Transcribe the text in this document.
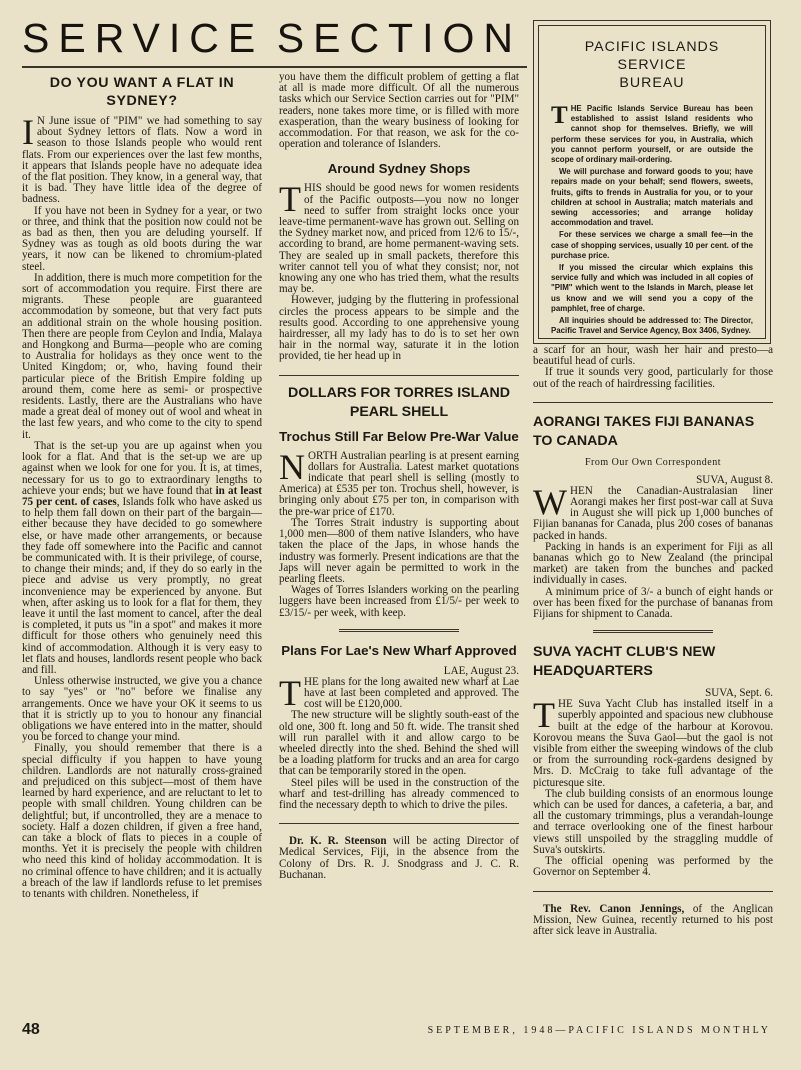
SERVICE SECTION	PACIFIC ISLANDS SERVICE
BUREAU

THE Pacific Islands Service Bureau has been established to assist Island residents who cannot shop for themselves. Briefly, we will perform these services for you, in Australia, which you cannot perform yourself, or are outside the scope of ordinary mail-ordering.

We will purchase and forward goods to you; have repairs made on your behalf; send flowers, sweets, fruits, gifts to frends in Australia for you, or to your children at school in Australia; match materials and sewing accessories; and arrange holiday accommodation and travel.

For these services we charge a small fee—in the case of shopping services, usually 10 per cent. of the purchase price.

If you missed the circular which explains this service fully and which was included in all copies of "PIM" which went to the Islands in March, please let us know and we will send you a copy of the pamphlet, free of charge.

All inquiries should be addressed to: The Director, Pacific Travel and Service Agency, Box 3406, Sydney.

DO YOU WANT A FLAT IN SYDNEY?

I N June issue of "PIM" we had something to say about Sydney lettors of flats. Now a word in season to those Islands people who would rent flats. From our experiences over the last few months, it appears that Islands people have no adequate idea of the flat position. They know, in a general way, that it is bad. They have little idea of the degree of badness.

If you have not been in Sydney for a year, or two or three, and think that the position now could not be as bad as then, then you are deluding yourself. If Sydney was as tough as old boots during the war years, it now can be likened to chromium-plated steel.

In addition, there is much more competition for the sort of accommodation you require. First there are migrants. These people are guaranteed accommodation by someone, but that very fact puts an additional strain on the whole housing position. Then there are people from Ceylon and India, Malaya and Hongkong and Burma—people who are coming to Australia for holidays as they once went to the United Kingdom; or, who, having found their particular piece of the British Empire folding up around them, come here as semi- or prospective residents. Lastly, there are the Australians who have made a great deal of money out of wool and wheat in the last few years, and who come to the city to spend it.

That is the set-up you are up against when you look for a flat. And that is the set-up we are up against when we look for one for you. It is, at times, necessary for us to go to extraordinary lengths to achieve your ends; but we have found that in at least 75 per cent. of cases, Islands folk who have asked us to help them fall down on their part of the bargain—either because they have decided to go somewhere else, or have made other arrangements, or because they fade off somewhere into the Pacific and cannot be communicated with. It is their privilege, of course, to change their minds; and, if they do so early in the piece and advise us very promptly, no great inconvenience may be experienced by anyone. But when, after asking us to look for a flat for them, they leave it until the last moment to cancel, after the deal is completed, it puts us "in a spot" and makes it more difficult for those others who genuinely need this kind of accommodation. Although it is very easy to let flats and houses, landlords resent people who back and fill.

Unless otherwise instructed, we give you a chance to say "yes" or "no" before we finalise any arrangements. Once we have your OK it seems to us that it is strictly up to you to honour any financial obligations we have entered into in the matter, should you be forced to change your mind.

Finally, you should remember that there is a special difficulty if you happen to have young children. Landlords are not naturally cross-grained and prejudiced on this subject—most of them have learned by hard experience, and are reluctant to let to people with small children. Young children can be delightful; but, if uncontrolled, they are a menace to society. Half a dozen children, if given a free hand, can take a block of flats to pieces in a couple of months. Yet it is precisely the people with children who need this kind of holiday accommodation. It is no criminal offence to have children; and it is actually a breach of the law if landlords refuse to let premises to tenants with children. Nonetheless, if

you have them the difficult problem of getting a flat at all is made more difficult. Of all the numerous tasks which our Service Section carries out for "PIM" readers, none takes more time, or is filled with more exasperation, than the weary business of looking for accommodation. For that reason, we ask for the co-operation and tolerance of Islanders.

Around Sydney Shops

THIS should be good news for women residents of the Pacific outposts—you now no longer need to suffer from straight locks once your leave-time permanent-wave has grown out. Selling on the Sydney market now, and priced from 12/6 to 15/-, according to brand, are home permanent-waving sets. They are sealed up in small packets, therefore this writer cannot tell you of what they consist; nor, not knowing any one who has tried them, what the results may be.

However, judging by the fluttering in professional circles the process appears to be simple and the results good. According to one apprehensive young hairdresser, all my lady has to do is to set her own hair in the normal way, saturate it in the lotion provided, tie her head up in

DOLLARS FOR TORRES ISLAND PEARL SHELL
Trochus Still Far Below Pre-War Value

NORTH Australian pearling is at present earning dollars for Australia. Latest market quotations indicate that pearl shell is selling (mostly to America) at £535 per ton. Trochus shell, however, is bringing only about £75 per ton, in comparison with the pre-war price of £170.

The Torres Strait industry is supporting about 1,000 men—800 of them native Islanders, who have taken the place of the Japs, in whose hands the industry was formerly. Present indications are that the Japs will never again be permitted to work in the pearling fleets.

Wages of Torres Islanders working on the pearling luggers have been increased from £1/5/- per week to £3/15/- per week, with keep.

Plans For Lae's New Wharf Approved

LAE, August 23.

THE plans for the long awaited new wharf at Lae have at last been completed and approved. The cost will be £120,000.

The new structure will be slightly south-east of the old one, 300 ft. long and 50 ft. wide. The transit shed will run parallel with it and allow cargo to be wheeled directly into the shed. Behind the shed will be a loading platform for trucks and an area for cargo that can be temporarily stored in the open.

Steel piles will be used in the construction of the wharf and test-drilling has already commenced to find the necessary depth to which to drive the piles.

Dr. K. R. Steenson will be acting Director of Medical Services, Fiji, in the absence from the Colony of Drs. R. J. Snodgrass and J. C. R. Buchanan.

a scarf for an hour, wash her hair and presto—a beautiful head of curls.

If true it sounds very good, particularly for those out of the reach of hairdressing facilities.

AORANGI TAKES FIJI BANANAS TO CANADA

From Our Own Correspondent

SUVA, August 8.

WHEN the Canadian-Australasian liner Aorangi makes her first post-war call at Suva in August she will pick up 1,000 bunches of Fijian bananas for Canada, plus 200 coses of bananas packed in hands.

Packing in hands is an experiment for Fiji as all bananas which go to New Zealand (the principal market) are taken from the bunches and packed individually in cases.

A minimum price of 3/- a bunch of eight hands or over has been fixed for the purchase of bananas from Fijians for shipment to Canada.

SUVA YACHT CLUB'S NEW HEADQUARTERS

SUVA, Sept. 6.

THE Suva Yacht Club has installed itself in a superbly appointed and spacious new clubhouse built at the edge of the harbour at Korovou. Korovou means the Suva Gaol—but the gaol is not visible from either the sweeping windows of the club or from the surrounding rock-gardens designed by Mrs. D. McCraig to take full advantage of the picturesque site.

The club building consists of an enormous lounge which can be used for dances, a cafeteria, a bar, and all the customary trimmings, plus a verandah-lounge and terrace overlooking one of the finest harbour views still unspoiled by the straggling muddle of Suva's outskirts.

The official opening was performed by the Governor on September 4.

The Rev. Canon Jennings, of the Anglican Mission, New Guinea, recently returned to his post after sick leave in Australia.

48	SEPTEMBER, 1948—PACIFIC ISLANDS MONTHLY
